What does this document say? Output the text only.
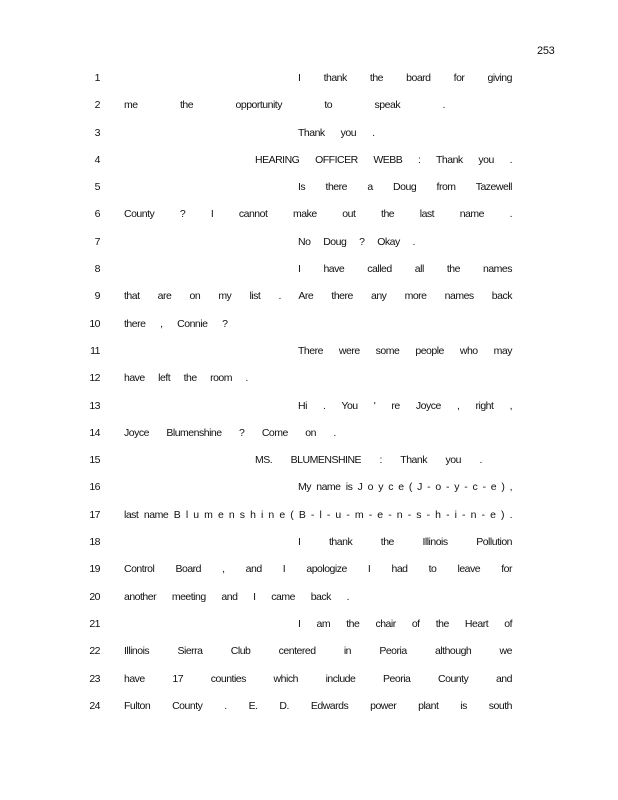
253
1	I thank the board for giving
2 me the opportunity to speak .
3	Thank you .
4	HEARING OFFICER WEBB : Thank you .
5	Is there a Doug from Tazewell
6 County ? I cannot make out the last name .
7	No Doug ? Okay .
8	I have called all the names
9 that are on my list . Are there any more names back
10 there , Connie ?
11	There were some people who may
12 have left the room .
13	Hi . You ' re Joyce , right ,
14 Joyce Blumenshine ? Come on .
15	MS. BLUMENSHINE : Thank you .
16	My name is J o y c e ( J - o - y - c - e ) ,
17 last name B l u m e n s h i n e ( B - l - u - m - e - n - s - h - i - n - e ) .
18	I thank the Illinois Pollution
19 Control Board , and I apologize I had to leave for
20 another meeting and I came back .
21	I am the chair of the Heart of
22 Illinois Sierra Club centered in Peoria although we
23 have 17 counties which include Peoria County and
24 Fulton County . E. D. Edwards power plant is south
